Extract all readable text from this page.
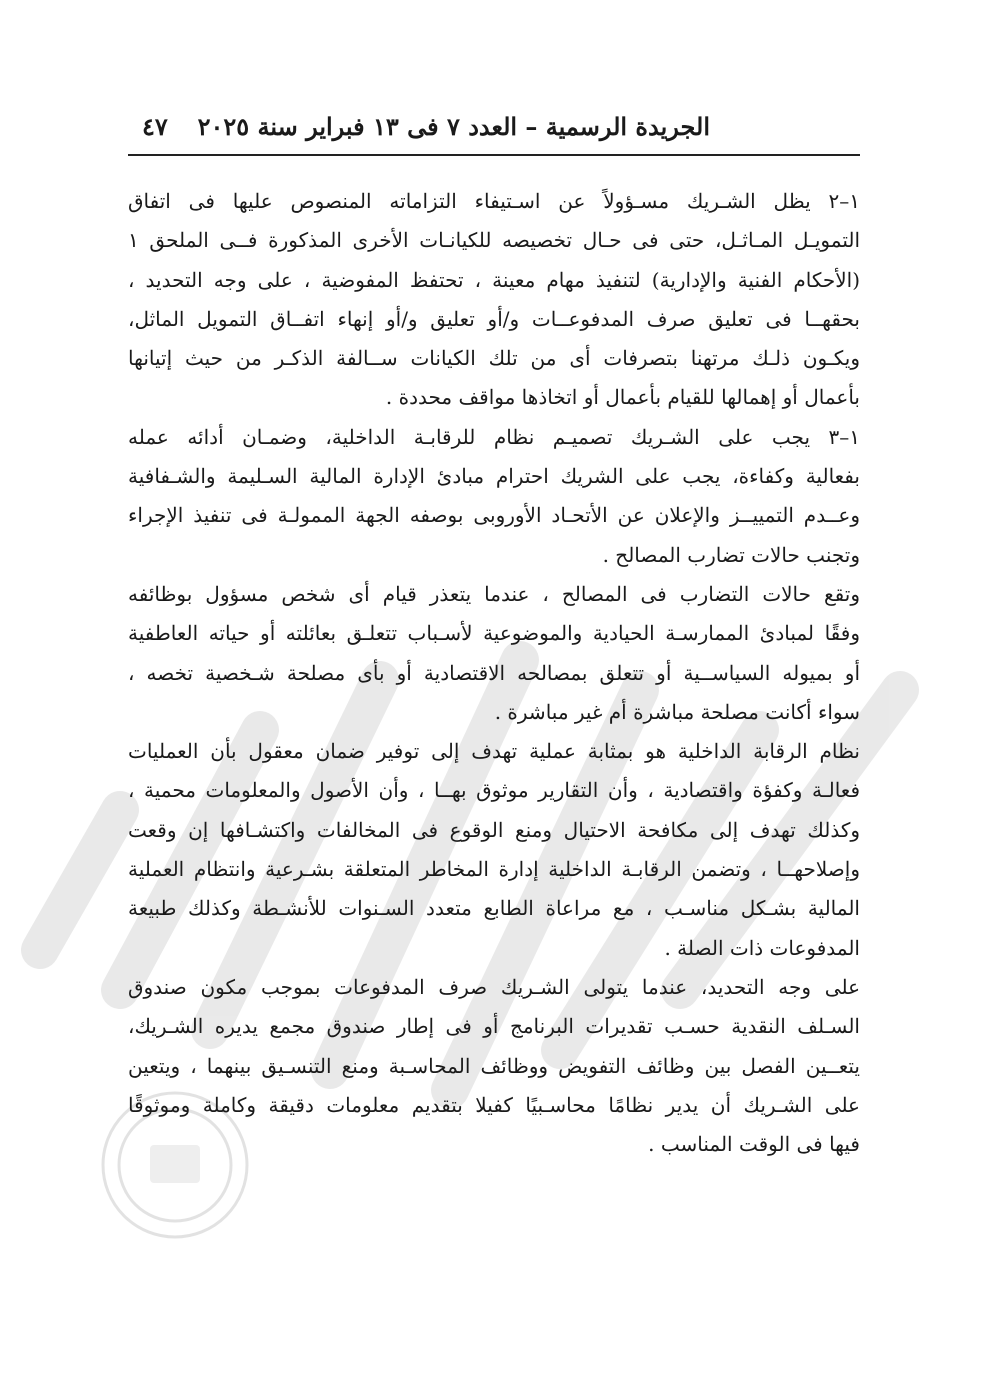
الجريدة الرسمية – العدد ٧ فى ١٣ فبراير سنة ٢٠٢٥
٤٧
١–٢ يظل الشـريك مسـؤولاً عن اسـتيفاء التزاماته المنصوص عليها فى اتفاق
التمويـل المـاثـل، حتى فى حـال تخصيصه للكيانـات الأخرى المذكورة فــى الملحق ١
(الأحكام الفنية والإدارية) لتنفيذ مهام معينة ، تحتفظ المفوضية ، على وجه التحديد ،
بحقهــا فى تعليق صرف المدفوعــات و/أو تعليق و/أو إنهاء اتفــاق التمويل الماثل،
ويكـون ذلـك مرتهنا بتصرفات أى من تلك الكيانات ســالفة الذكـر من حيث إتيانها
بأعمال أو إهمالها للقيام بأعمال أو اتخاذها مواقف محددة .
١–٣ يجب على الشـريك تصميـم نظام للرقابـة الداخلية، وضمـان أدائه عمله
بفعالية وكفاءة، يجب على الشريك احترام مبادئ الإدارة المالية السـليمة والشـفافية
وعــدم التمييــز والإعلان عن الأتحـاد الأوروبى بوصفه الجهة الممولـة فى تنفيذ الإجراء
وتجنب حالات تضارب المصالح .
وتقع حالات التضارب فى المصالح ، عندما يتعذر قيام أى شخص مسؤول بوظائفه
وفقًا لمبادئ الممارسـة الحيادية والموضوعية لأسـباب تتعلـق بعائلته أو حياته العاطفية
أو بميوله السياســية أو تتعلق بمصالحه الاقتصادية أو بأى مصلحة شـخصية تخصه ،
سواء أكانت مصلحة مباشرة أم غير مباشرة .
نظام الرقابة الداخلية هو بمثابة عملية تهدف إلى توفير ضمان معقول بأن العمليات
فعالـة وكفؤة واقتصادية ، وأن التقارير موثوق بهــا ، وأن الأصول والمعلومات محمية ،
وكذلك تهدف إلى مكافحة الاحتيال ومنع الوقوع فى المخالفات واكتشـافها إن وقعت
وإصلاحهــا ، وتضمن الرقابـة الداخلية إدارة المخاطر المتعلقة بشـرعية وانتظام العملية
المالية بشـكل مناسـب ، مع مراعاة الطابع متعدد السـنوات للأنشـطة وكذلك طبيعة
المدفوعات ذات الصلة .
على وجه التحديد، عندما يتولى الشـريك صرف المدفوعات بموجب مكون صندوق
السـلف النقدية حسـب تقديرات البرنامج أو فى إطار صندوق مجمع يديره الشـريك،
يتعــين الفصل بين وظائف التفويض ووظائف المحاسـبة ومنع التنسـيق بينهما ، ويتعين
على الشـريك أن يدير نظامًا محاسـبيًا كفيلا بتقديم معلومات دقيقة وكاملة وموثوقًا
فيها فى الوقت المناسب .
